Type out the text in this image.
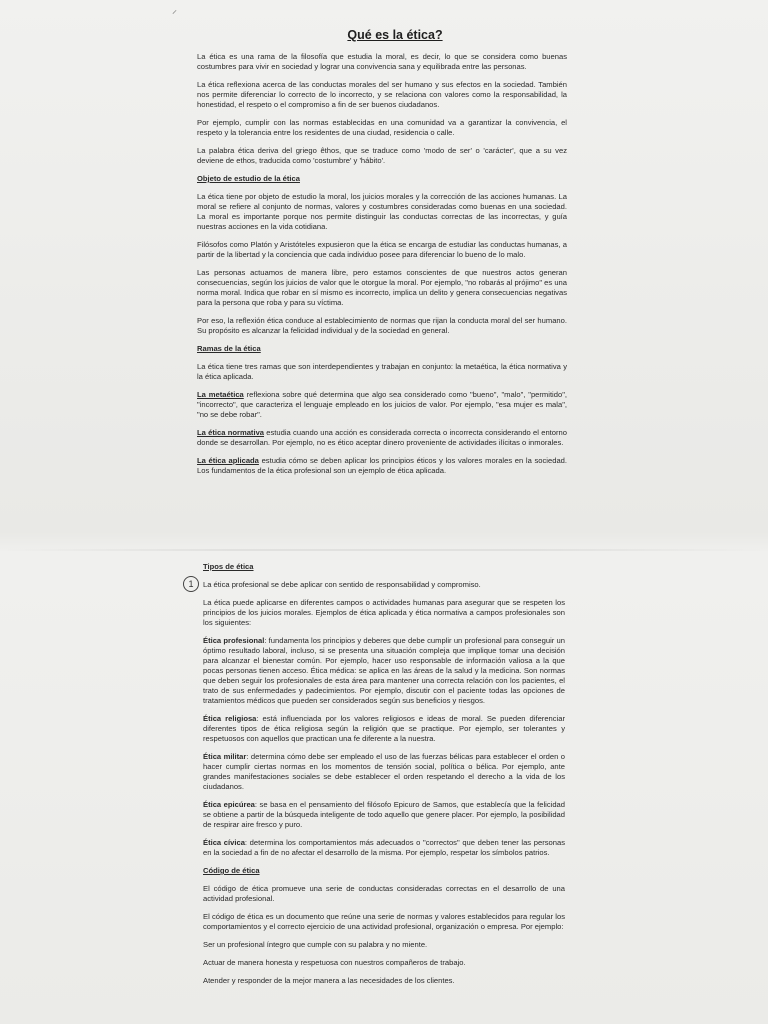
⸝
Qué es la ética?

La ética es una rama de la filosofía que estudia la moral, es decir, lo que se considera como buenas costumbres para vivir en sociedad y lograr una convivencia sana y equilibrada entre las personas.

La ética reflexiona acerca de las conductas morales del ser humano y sus efectos en la sociedad. También nos permite diferenciar lo correcto de lo incorrecto, y se relaciona con valores como la responsabilidad, la honestidad, el respeto o el compromiso a fin de ser buenos ciudadanos.

Por ejemplo, cumplir con las normas establecidas en una comunidad va a garantizar la convivencia, el respeto y la tolerancia entre los residentes de una ciudad, residencia o calle.

La palabra ética deriva del griego êthos, que se traduce como 'modo de ser' o 'carácter', que a su vez deviene de ethos, traducida como 'costumbre' y 'hábito'.

Objeto de estudio de la ética

La ética tiene por objeto de estudio la moral, los juicios morales y la corrección de las acciones humanas. La moral se refiere al conjunto de normas, valores y costumbres consideradas como buenas en una sociedad. La moral es importante porque nos permite distinguir las conductas correctas de las incorrectas, y guía nuestras acciones en la vida cotidiana.

Filósofos como Platón y Aristóteles expusieron que la ética se encarga de estudiar las conductas humanas, a partir de la libertad y la conciencia que cada individuo posee para diferenciar lo bueno de lo malo.

Las personas actuamos de manera libre, pero estamos conscientes de que nuestros actos generan consecuencias, según los juicios de valor que le otorgue la moral. Por ejemplo, "no robarás al prójimo" es una norma moral. Indica que robar en sí mismo es incorrecto, implica un delito y genera consecuencias negativas para la persona que roba y para su víctima.

Por eso, la reflexión ética conduce al establecimiento de normas que rijan la conducta moral del ser humano. Su propósito es alcanzar la felicidad individual y de la sociedad en general.

Ramas de la ética

La ética tiene tres ramas que son interdependientes y trabajan en conjunto: la metaética, la ética normativa y la ética aplicada.

La metaética reflexiona sobre qué determina que algo sea considerado como "bueno", "malo", "permitido", "incorrecto", que caracteriza el lenguaje empleado en los juicios de valor. Por ejemplo, "esa mujer es mala", "no se debe robar".

La ética normativa estudia cuando una acción es considerada correcta o incorrecta considerando el entorno donde se desarrollan. Por ejemplo, no es ético aceptar dinero proveniente de actividades ilícitas o inmorales.

La ética aplicada estudia cómo se deben aplicar los principios éticos y los valores morales en la sociedad. Los fundamentos de la ética profesional son un ejemplo de ética aplicada.

1
Tipos de ética

La ética profesional se debe aplicar con sentido de responsabilidad y compromiso.

La ética puede aplicarse en diferentes campos o actividades humanas para asegurar que se respeten los principios de los juicios morales. Ejemplos de ética aplicada y ética normativa a campos profesionales son los siguientes:

Ética profesional: fundamenta los principios y deberes que debe cumplir un profesional para conseguir un óptimo resultado laboral, incluso, si se presenta una situación compleja que implique tomar una decisión para alcanzar el bienestar común. Por ejemplo, hacer uso responsable de información valiosa a la que pocas personas tienen acceso. Ética médica: se aplica en las áreas de la salud y la medicina. Son normas que deben seguir los profesionales de esta área para mantener una correcta relación con los pacientes, el trato de sus enfermedades y padecimientos. Por ejemplo, discutir con el paciente todas las opciones de tratamientos médicos que pueden ser considerados según sus beneficios y riesgos.

Ética religiosa: está influenciada por los valores religiosos e ideas de moral. Se pueden diferenciar diferentes tipos de ética religiosa según la religión que se practique. Por ejemplo, ser tolerantes y respetuosos con aquellos que practican una fe diferente a la nuestra.

Ética militar: determina cómo debe ser empleado el uso de las fuerzas bélicas para establecer el orden o hacer cumplir ciertas normas en los momentos de tensión social, política o bélica. Por ejemplo, ante grandes manifestaciones sociales se debe establecer el orden respetando el derecho a la vida de los ciudadanos.

Ética epicúrea: se basa en el pensamiento del filósofo Epicuro de Samos, que establecía que la felicidad se obtiene a partir de la búsqueda inteligente de todo aquello que genere placer. Por ejemplo, la posibilidad de respirar aire fresco y puro.

Ética cívica: determina los comportamientos más adecuados o "correctos" que deben tener las personas en la sociedad a fin de no afectar el desarrollo de la misma. Por ejemplo, respetar los símbolos patrios.

Código de ética

El código de ética promueve una serie de conductas consideradas correctas en el desarrollo de una actividad profesional.

El código de ética es un documento que reúne una serie de normas y valores establecidos para regular los comportamientos y el correcto ejercicio de una actividad profesional, organización o empresa. Por ejemplo:

Ser un profesional íntegro que cumple con su palabra y no miente.

Actuar de manera honesta y respetuosa con nuestros compañeros de trabajo.

Atender y responder de la mejor manera a las necesidades de los clientes.
